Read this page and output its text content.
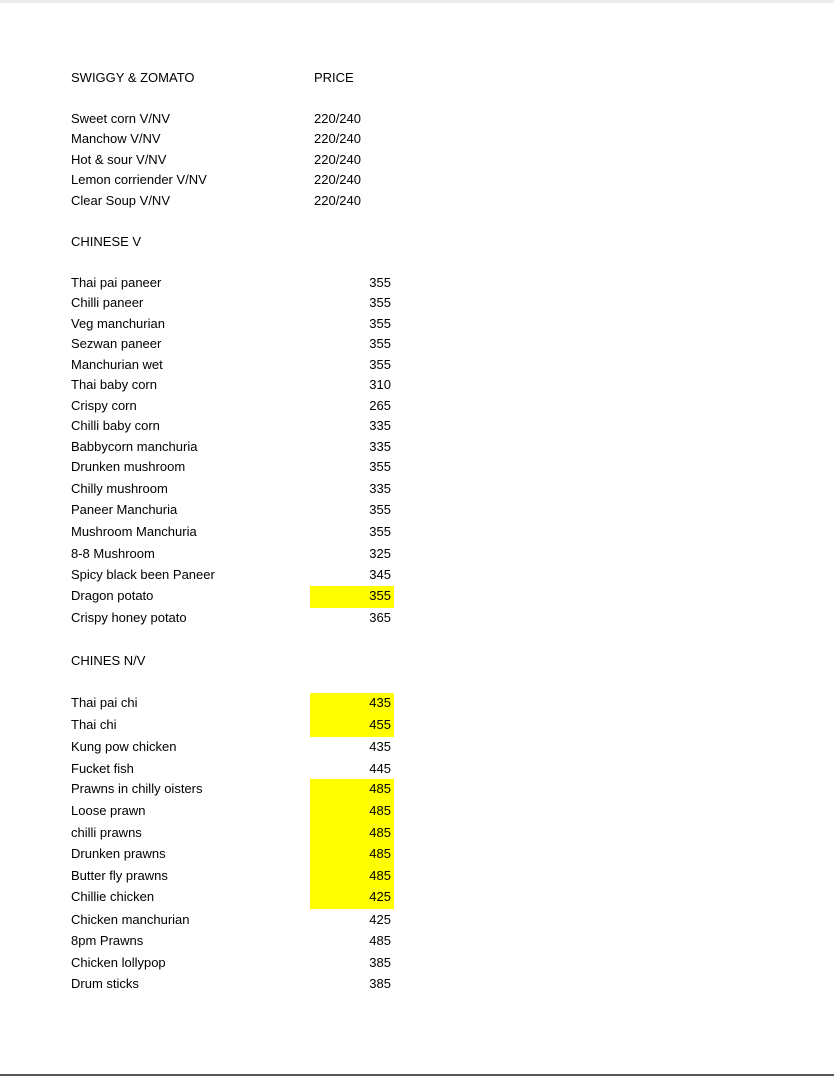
SWIGGY & ZOMATO	PRICE
Sweet corn V/NV	220/240
Manchow V/NV	220/240
Hot & sour V/NV	220/240
Lemon corriender V/NV	220/240
Clear Soup V/NV	220/240
CHINESE V
Thai pai paneer	355
Chilli paneer	355
Veg manchurian	355
Sezwan paneer	355
Manchurian wet	355
Thai baby corn	310
Crispy corn	265
Chilli baby corn	335
Babbycorn manchuria	335
Drunken mushroom	355
Chilly mushroom	335
Paneer Manchuria	355
Mushroom Manchuria	355
8-8 Mushroom	325
Spicy black been Paneer	345
Dragon potato	355
Crispy honey potato	365
CHINES N/V
Thai pai chi	435
Thai chi	455
Kung pow chicken	435
Fucket fish	445
Prawns in chilly oisters	485
Loose prawn	485
chilli prawns	485
Drunken prawns	485
Butter fly prawns	485
Chillie chicken	425
Chicken manchurian	425
8pm Prawns	485
Chicken lollypop	385
Drum sticks	385
